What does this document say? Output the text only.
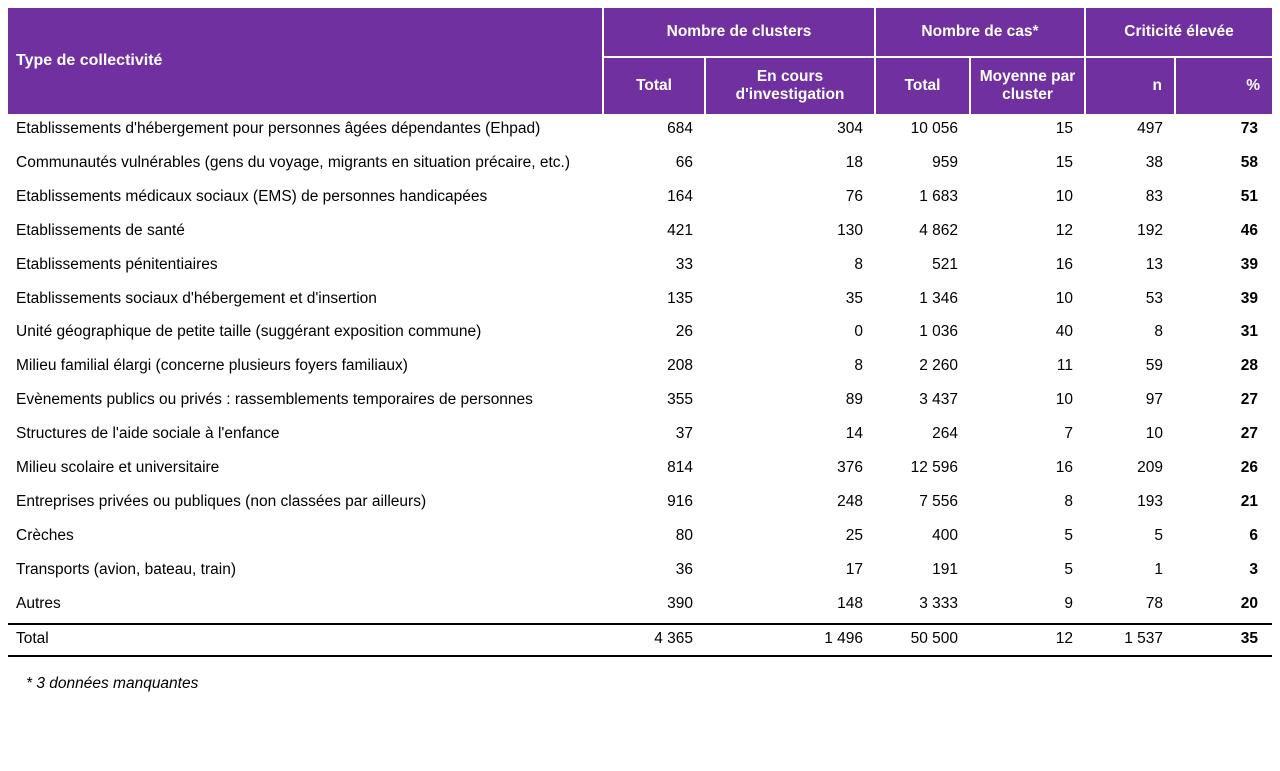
Type de collectivité	Nombre de clusters		Nombre de cas*		Criticité élevée	
	Total	En cours d'investigation	Total	Moyenne par cluster	n	%
Etablissements d'hébergement pour personnes âgées dépendantes (Ehpad)	684	304	10 056	15	497	73
Communautés vulnérables (gens du voyage, migrants en situation précaire, etc.)	66	18	959	15	38	58
Etablissements médicaux sociaux (EMS) de personnes handicapées	164	76	1 683	10	83	51
Etablissements de santé	421	130	4 862	12	192	46
Etablissements pénitentiaires	33	8	521	16	13	39
Etablissements sociaux d'hébergement et d'insertion	135	35	1 346	10	53	39
Unité géographique de petite taille (suggérant exposition commune)	26	0	1 036	40	8	31
Milieu familial élargi (concerne plusieurs foyers familiaux)	208	8	2 260	11	59	28
Evènements publics ou privés : rassemblements temporaires de personnes	355	89	3 437	10	97	27
Structures de l'aide sociale à l'enfance	37	14	264	7	10	27
Milieu scolaire et universitaire	814	376	12 596	16	209	26
Entreprises privées ou publiques (non classées par ailleurs)	916	248	7 556	8	193	21
Crèches	80	25	400	5	5	6
Transports (avion, bateau, train)	36	17	191	5	1	3
Autres	390	148	3 333	9	78	20
Total	4 365	1 496	50 500	12	1 537	35

* 3 données manquantes
